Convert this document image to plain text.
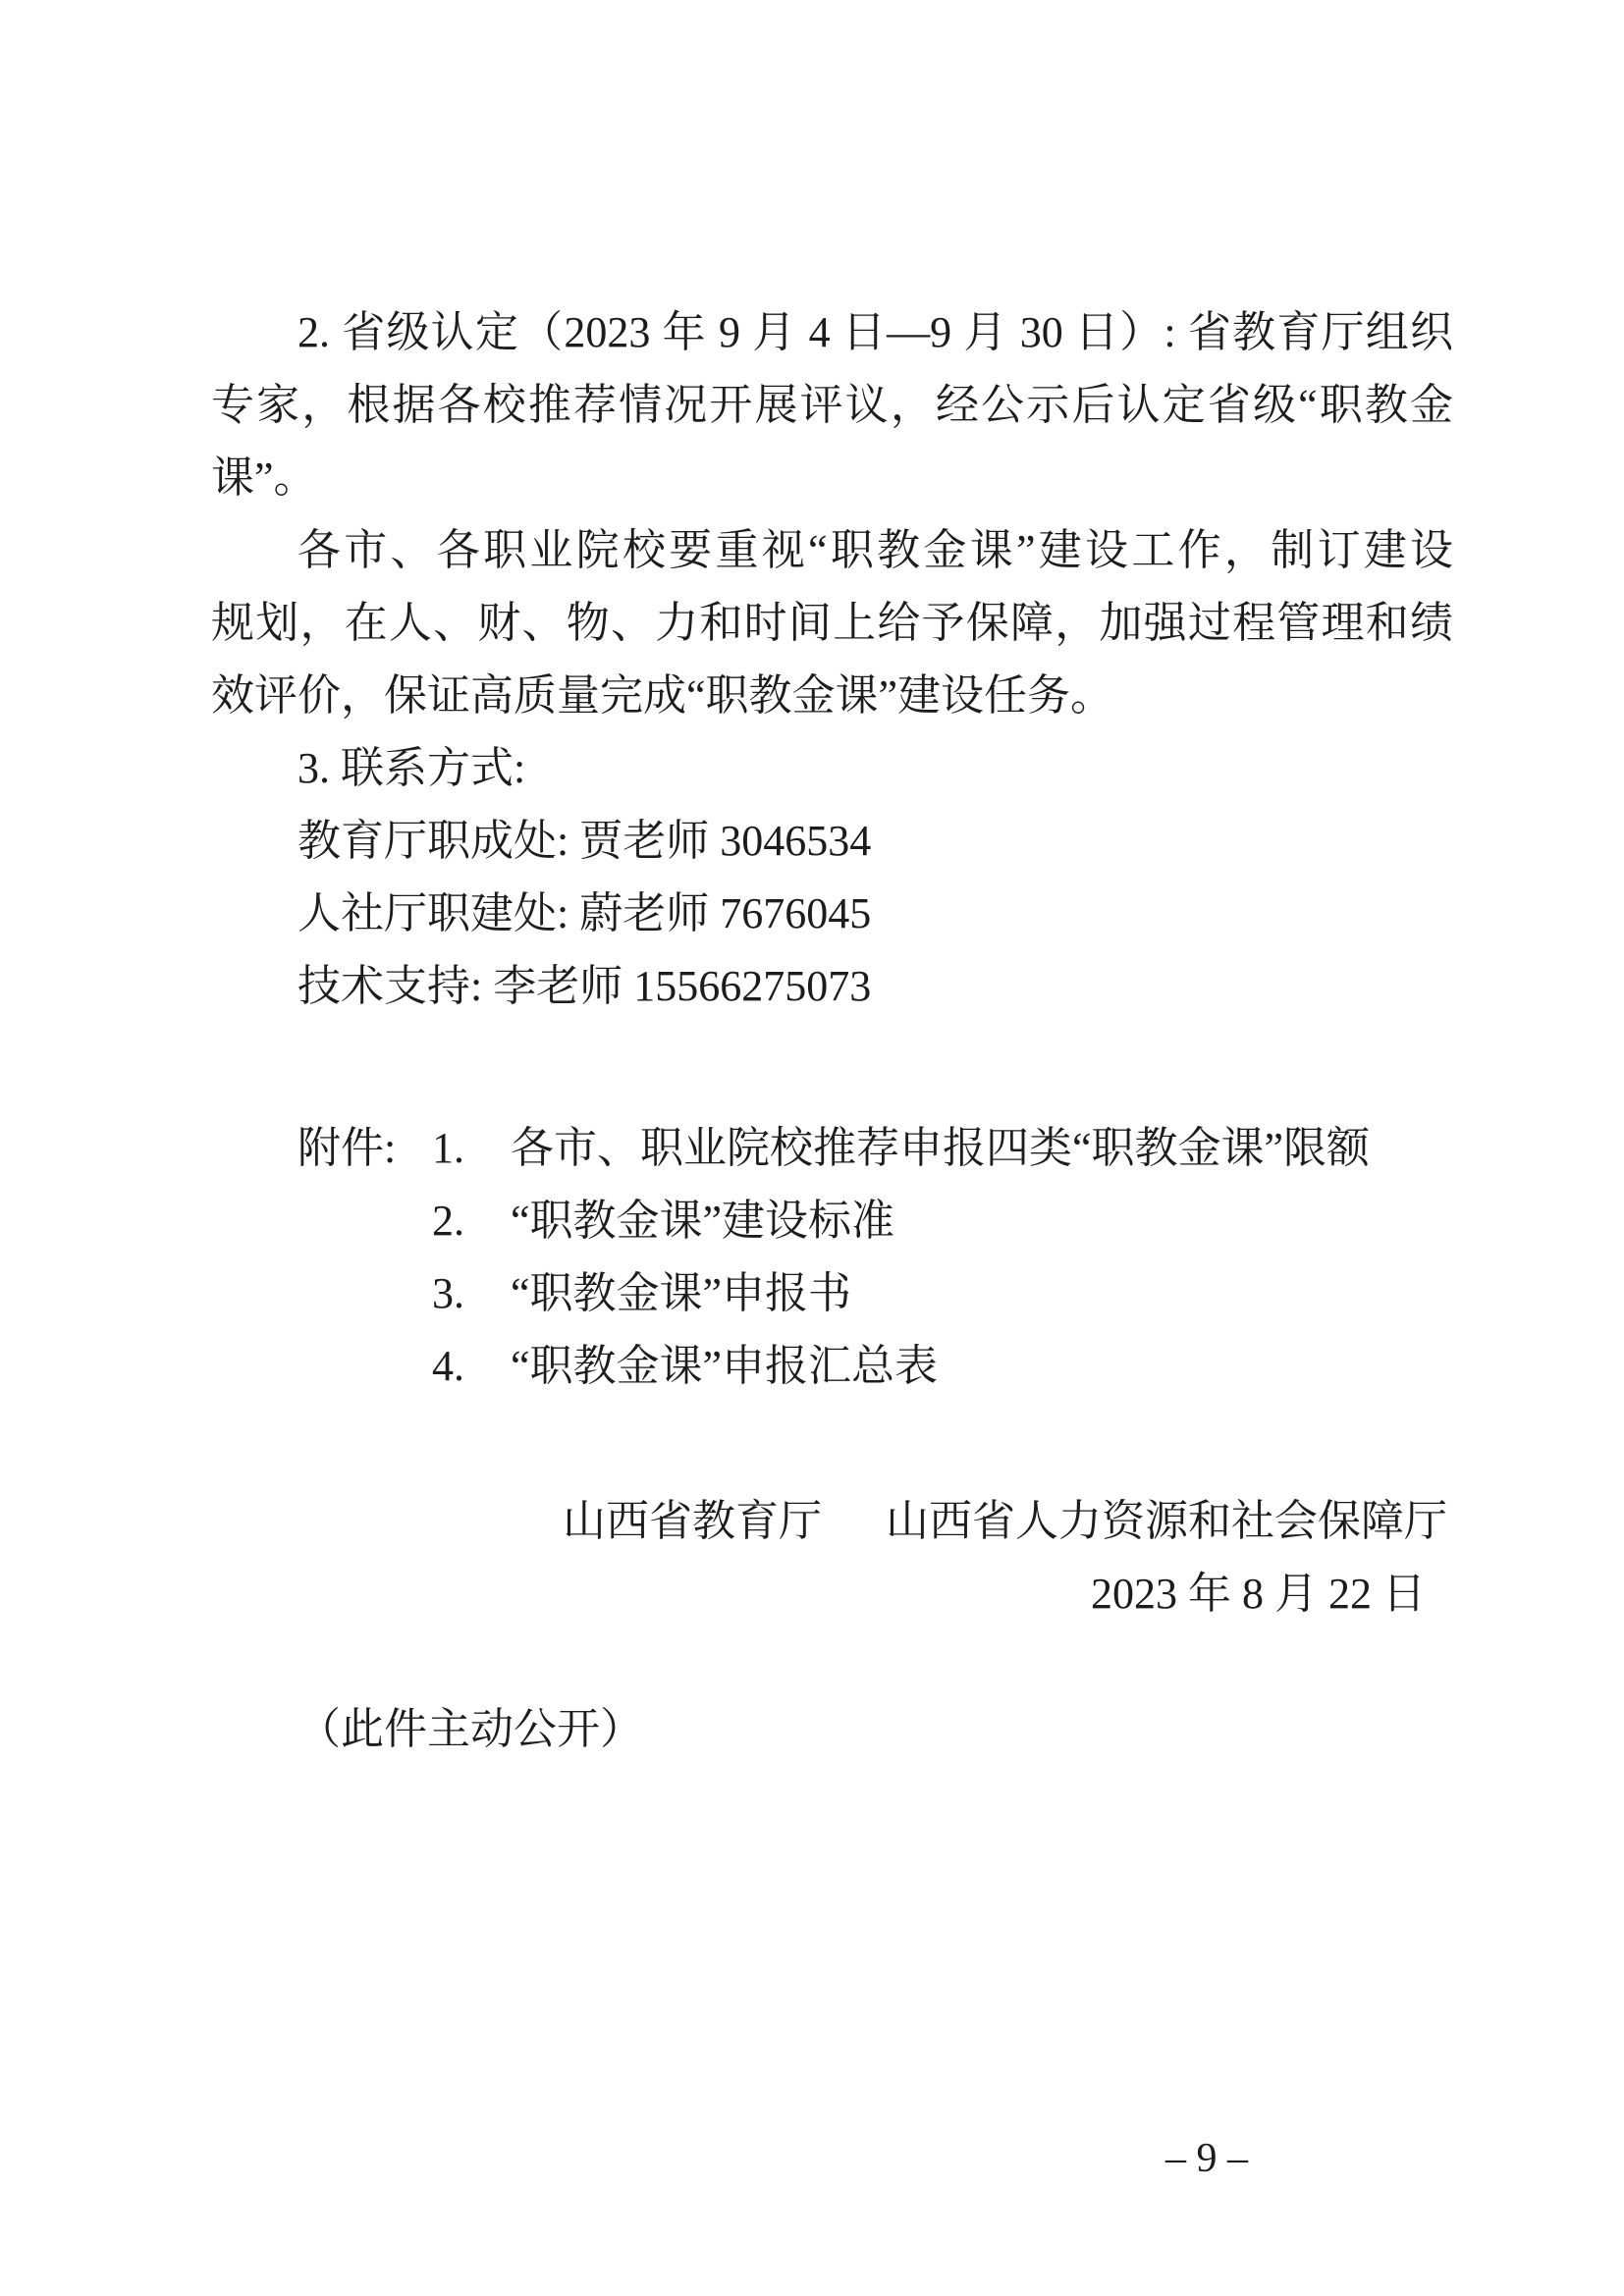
2. 省级认定（2023 年 9 月 4 日—9 月 30 日）: 省教育厅组织
专家，根据各校推荐情况开展评议，经公示后认定省级“职教金
课”。
各市、各职业院校要重视“职教金课”建设工作，制订建设
规划，在人、财、物、力和时间上给予保障，加强过程管理和绩
效评价，保证高质量完成“职教金课”建设任务。
3. 联系方式:
教育厅职成处: 贾老师 3046534
人社厅职建处: 蔚老师 7676045
技术支持: 李老师 15566275073
附件: 1.	各市、职业院校推荐申报四类“职教金课”限额
2.	“职教金课”建设标准
3.	“职教金课”申报书
4.	“职教金课”申报汇总表
山西省教育厅 山西省人力资源和社会保障厅
2023 年 8 月 22 日
（此件主动公开）
– 9 –
